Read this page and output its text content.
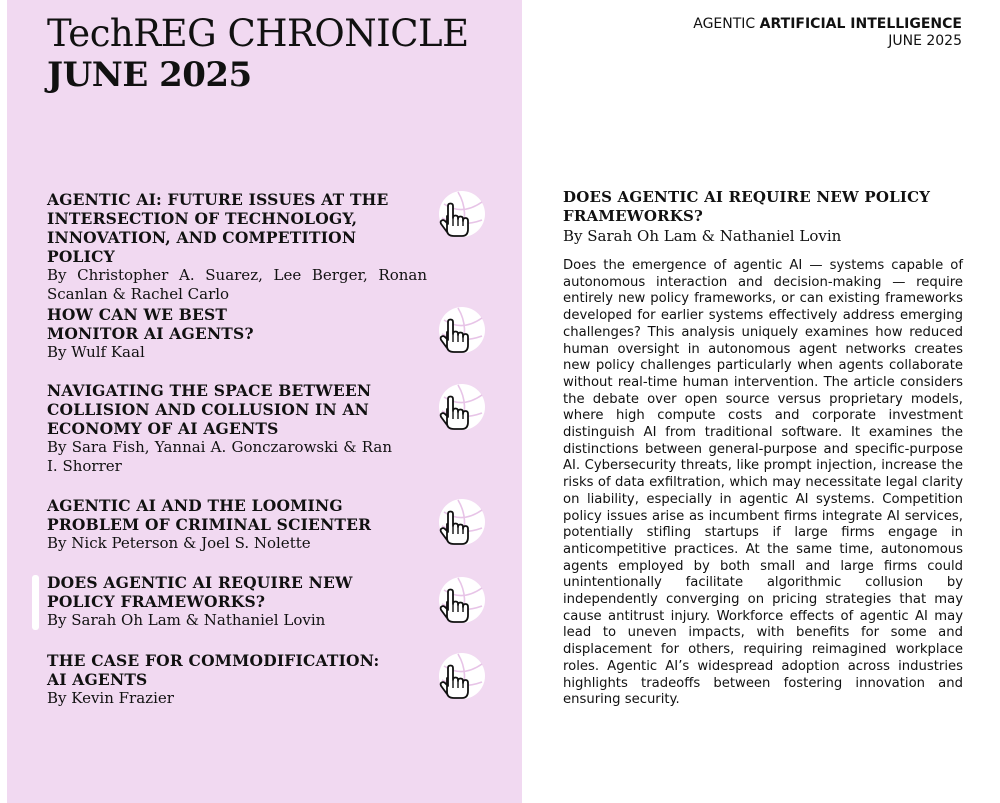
TechREG CHRONICLE
JUNE 2025
AGENTIC ARTIFICIAL INTELLIGENCE
JUNE 2025
AGENTIC AI: FUTURE ISSUES AT THE INTERSECTION OF TECHNOLOGY, INNOVATION, AND COMPETITION POLICY
By Christopher A. Suarez, Lee Berger, Ronan Scanlan & Rachel Carlo
HOW CAN WE BEST MONITOR AI AGENTS?
By Wulf Kaal
NAVIGATING THE SPACE BETWEEN COLLISION AND COLLUSION IN AN ECONOMY OF AI AGENTS
By Sara Fish, Yannai A. Gonczarowski & Ran I. Shorrer
AGENTIC AI AND THE LOOMING PROBLEM OF CRIMINAL SCIENTER
By Nick Peterson & Joel S. Nolette
DOES AGENTIC AI REQUIRE NEW POLICY FRAMEWORKS?
By Sarah Oh Lam & Nathaniel Lovin
THE CASE FOR COMMODIFICATION: AI AGENTS
By Kevin Frazier
DOES AGENTIC AI REQUIRE NEW POLICY FRAMEWORKS?
By Sarah Oh Lam & Nathaniel Lovin
Does the emergence of agentic AI — systems capable of autonomous interaction and decision-making — require entirely new policy frameworks, or can existing frameworks developed for earlier systems effectively address emerging challenges? This analysis uniquely examines how reduced human oversight in autonomous agent networks creates new policy challenges particularly when agents collaborate without real-time human intervention. The article considers the debate over open source versus proprietary models, where high compute costs and corporate investment distinguish AI from traditional software. It examines the distinctions between general-purpose and specific-purpose AI. Cybersecurity threats, like prompt injection, increase the risks of data exfiltration, which may necessitate legal clarity on liability, especially in agentic AI systems. Competition policy issues arise as incumbent firms integrate AI services, potentially stifling startups if large firms engage in anticompetitive practices. At the same time, autonomous agents employed by both small and large firms could unintentionally facilitate algorithmic collusion by independently converging on pricing strategies that may cause antitrust injury. Workforce effects of agentic AI may lead to uneven impacts, with benefits for some and displacement for others, requiring reimagined workplace roles. Agentic AI’s widespread adoption across industries highlights tradeoffs between fostering innovation and ensuring security.
